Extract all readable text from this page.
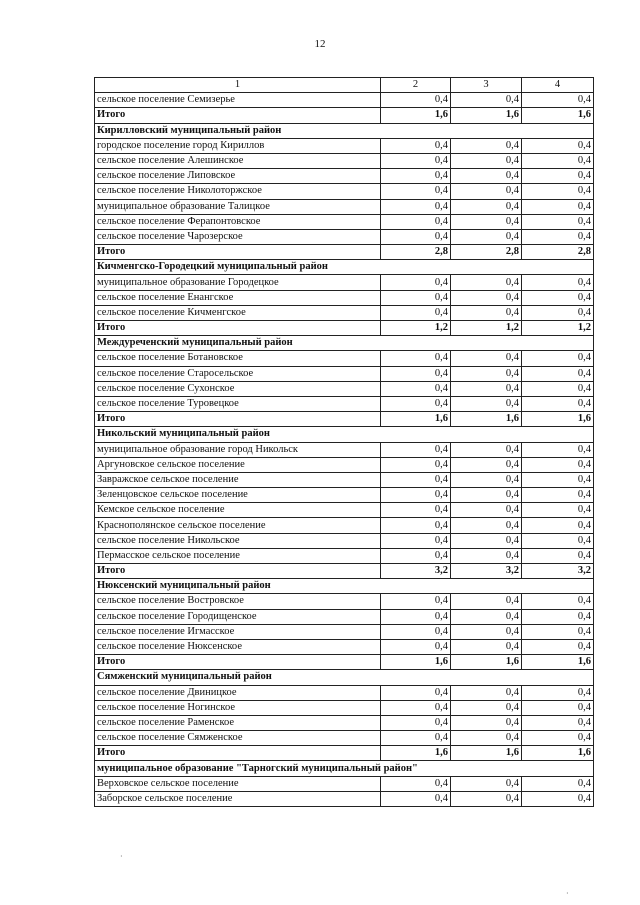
12
1	2	3	4
сельское поселение Семизерье	0,4	0,4	0,4
Итого	1,6	1,6	1,6
Кирилловский муниципальный район			
городское поселение город Кириллов	0,4	0,4	0,4
сельское поселение Алешинское	0,4	0,4	0,4
сельское поселение Липовское	0,4	0,4	0,4
сельское поселение Николоторжское	0,4	0,4	0,4
муниципальное образование Талицкое	0,4	0,4	0,4
сельское поселение Ферапонтовское	0,4	0,4	0,4
сельское поселение Чарозерское	0,4	0,4	0,4
Итого	2,8	2,8	2,8
Кичменгско-Городецкий муниципальный район			
муниципальное образование Городецкое	0,4	0,4	0,4
сельское поселение Енангское	0,4	0,4	0,4
сельское поселение Кичменгское	0,4	0,4	0,4
Итого	1,2	1,2	1,2
Междуреченский муниципальный район			
сельское поселение Ботановское	0,4	0,4	0,4
сельское поселение Старосельское	0,4	0,4	0,4
сельское поселение Сухонское	0,4	0,4	0,4
сельское поселение Туровецкое	0,4	0,4	0,4
Итого	1,6	1,6	1,6
Никольский муниципальный район			
муниципальное образование город Никольск	0,4	0,4	0,4
Аргуновское сельское поселение	0,4	0,4	0,4
Завражское сельское поселение	0,4	0,4	0,4
Зеленцовское сельское поселение	0,4	0,4	0,4
Кемское сельское поселение	0,4	0,4	0,4
Краснополянское сельское поселение	0,4	0,4	0,4
сельское поселение Никольское	0,4	0,4	0,4
Пермасское сельское поселение	0,4	0,4	0,4
Итого	3,2	3,2	3,2
Нюксенский муниципальный район			
сельское поселение Востровское	0,4	0,4	0,4
сельское поселение Городищенское	0,4	0,4	0,4
сельское поселение Игмасское	0,4	0,4	0,4
сельское поселение Нюксенское	0,4	0,4	0,4
Итого	1,6	1,6	1,6
Сямженский муниципальный район			
сельское поселение Двиницкое	0,4	0,4	0,4
сельское поселение Ногинское	0,4	0,4	0,4
сельское поселение Раменское	0,4	0,4	0,4
сельское поселение Сямженское	0,4	0,4	0,4
Итого	1,6	1,6	1,6
муниципальное образование "Тарногский муниципальный район"			
Верховское сельское поселение	0,4	0,4	0,4
Заборское сельское поселение	0,4	0,4	0,4
·
·
